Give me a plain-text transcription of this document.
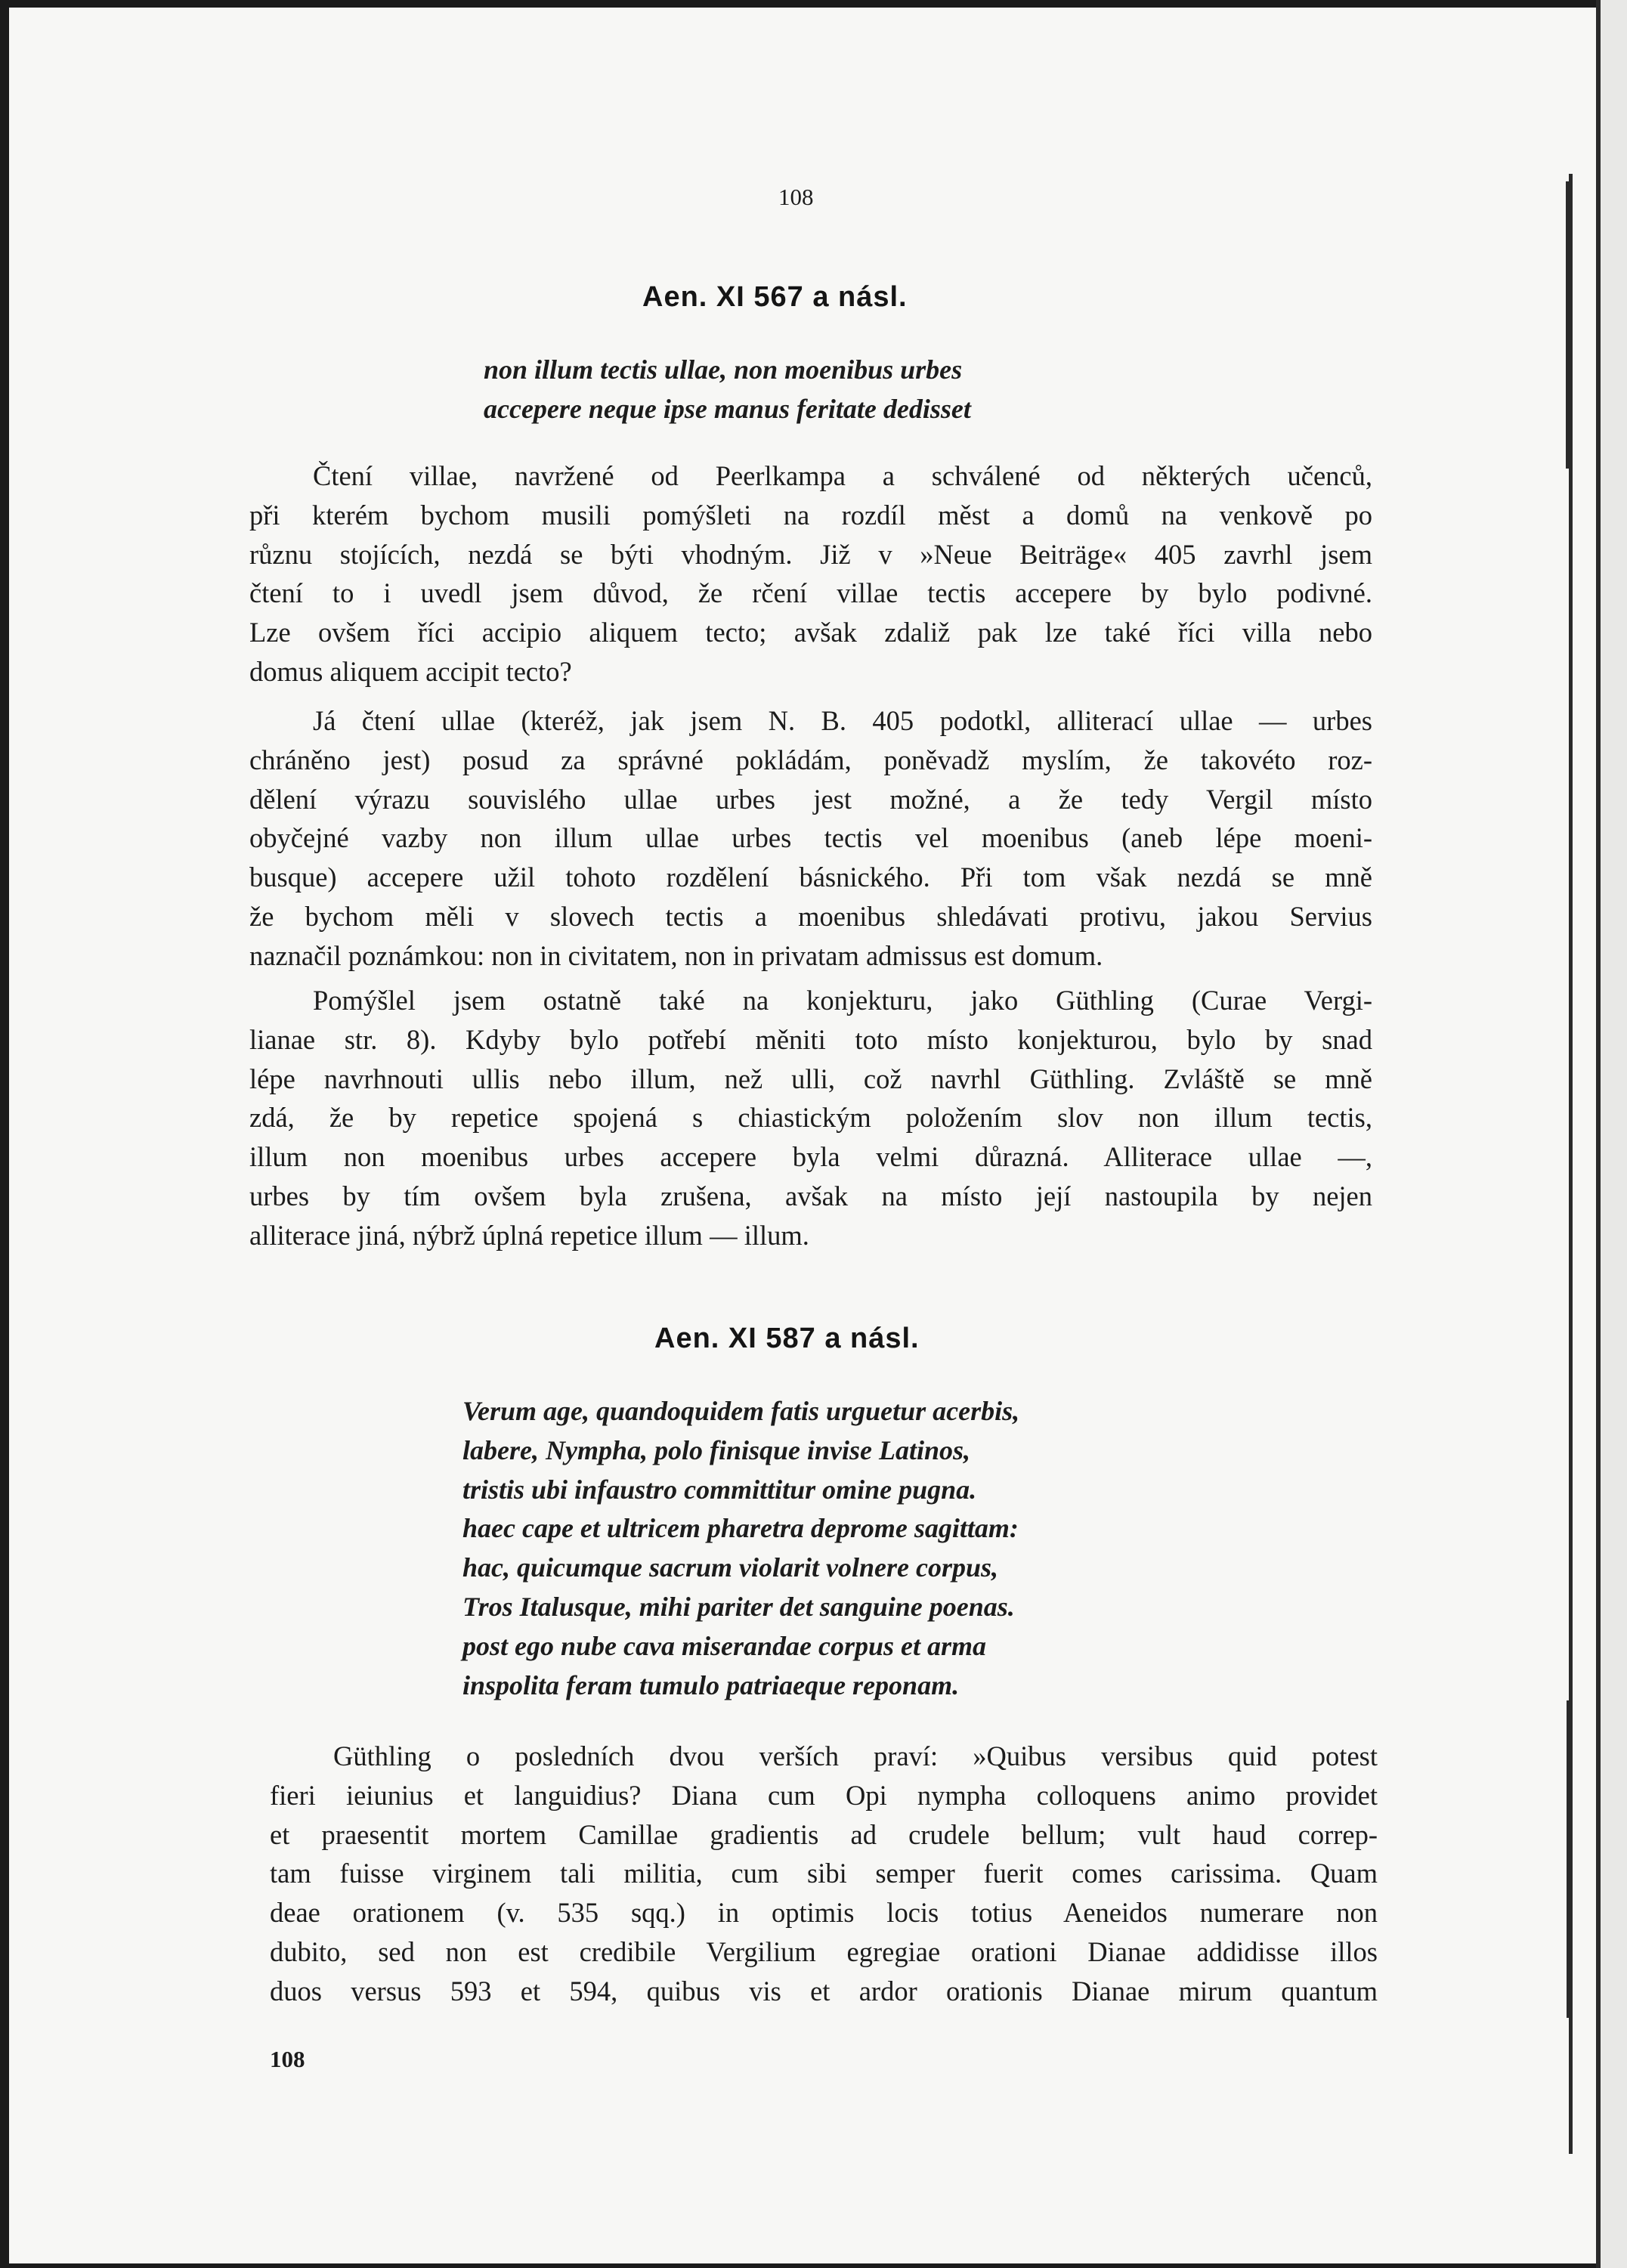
108
Aen. XI 567 a násl.
non illum tectis ullae, non moenibus urbes
accepere neque ipse manus feritate dedisset
Čtení villae, navržené od Peerlkampa a schválené od některých učenců,
při kterém bychom musili pomýšleti na rozdíl měst a domů na venkově po
různu stojících, nezdá se býti vhodným. Již v »Neue Beiträge« 405 zavrhl jsem
čtení to i uvedl jsem důvod, že rčení villae tectis accepere by bylo podivné.
Lze ovšem říci accipio aliquem tecto; avšak zdaliž pak lze také říci villa nebo
domus aliquem accipit tecto?
Já čtení ullae (kteréž, jak jsem N. B. 405 podotkl, alliterací ullae — urbes
chráněno jest) posud za správné pokládám, poněvadž myslím, že takovéto roz-
dělení výrazu souvislého ullae urbes jest možné, a že tedy Vergil místo
obyčejné vazby non illum ullae urbes tectis vel moenibus (aneb lépe moeni-
busque) accepere užil tohoto rozdělení básnického. Při tom však nezdá se mně
že bychom měli v slovech tectis a moenibus shledávati protivu, jakou Servius
naznačil poznámkou: non in civitatem, non in privatam admissus est domum.
Pomýšlel jsem ostatně také na konjekturu, jako Güthling (Curae Vergi-
lianae str. 8). Kdyby bylo potřebí měniti toto místo konjekturou, bylo by snad
lépe navrhnouti ullis nebo illum, než ulli, což navrhl Güthling. Zvláště se mně
zdá, že by repetice spojená s chiastickým položením slov non illum tectis,
illum non moenibus urbes accepere byla velmi důrazná. Alliterace ullae —,
urbes by tím ovšem byla zrušena, avšak na místo její nastoupila by nejen
alliterace jiná, nýbrž úplná repetice illum — illum.
Aen. XI 587 a násl.
Verum age, quandoquidem fatis urguetur acerbis,
labere, Nympha, polo finisque invise Latinos,
tristis ubi infaustro committitur omine pugna.
haec cape et ultricem pharetra deprome sagittam:
hac, quicumque sacrum violarit volnere corpus,
Tros Italusque, mihi pariter det sanguine poenas.
post ego nube cava miserandae corpus et arma
inspolita feram tumulo patriaeque reponam.
Güthling o posledních dvou verších praví: »Quibus versibus quid potest
fieri ieiunius et languidius? Diana cum Opi nympha colloquens animo providet
et praesentit mortem Camillae gradientis ad crudele bellum; vult haud correp-
tam fuisse virginem tali militia, cum sibi semper fuerit comes carissima. Quam
deae orationem (v. 535 sqq.) in optimis locis totius Aeneidos numerare non
dubito, sed non est credibile Vergilium egregiae orationi Dianae addidisse illos
duos versus 593 et 594, quibus vis et ardor orationis Dianae mirum quantum
108
